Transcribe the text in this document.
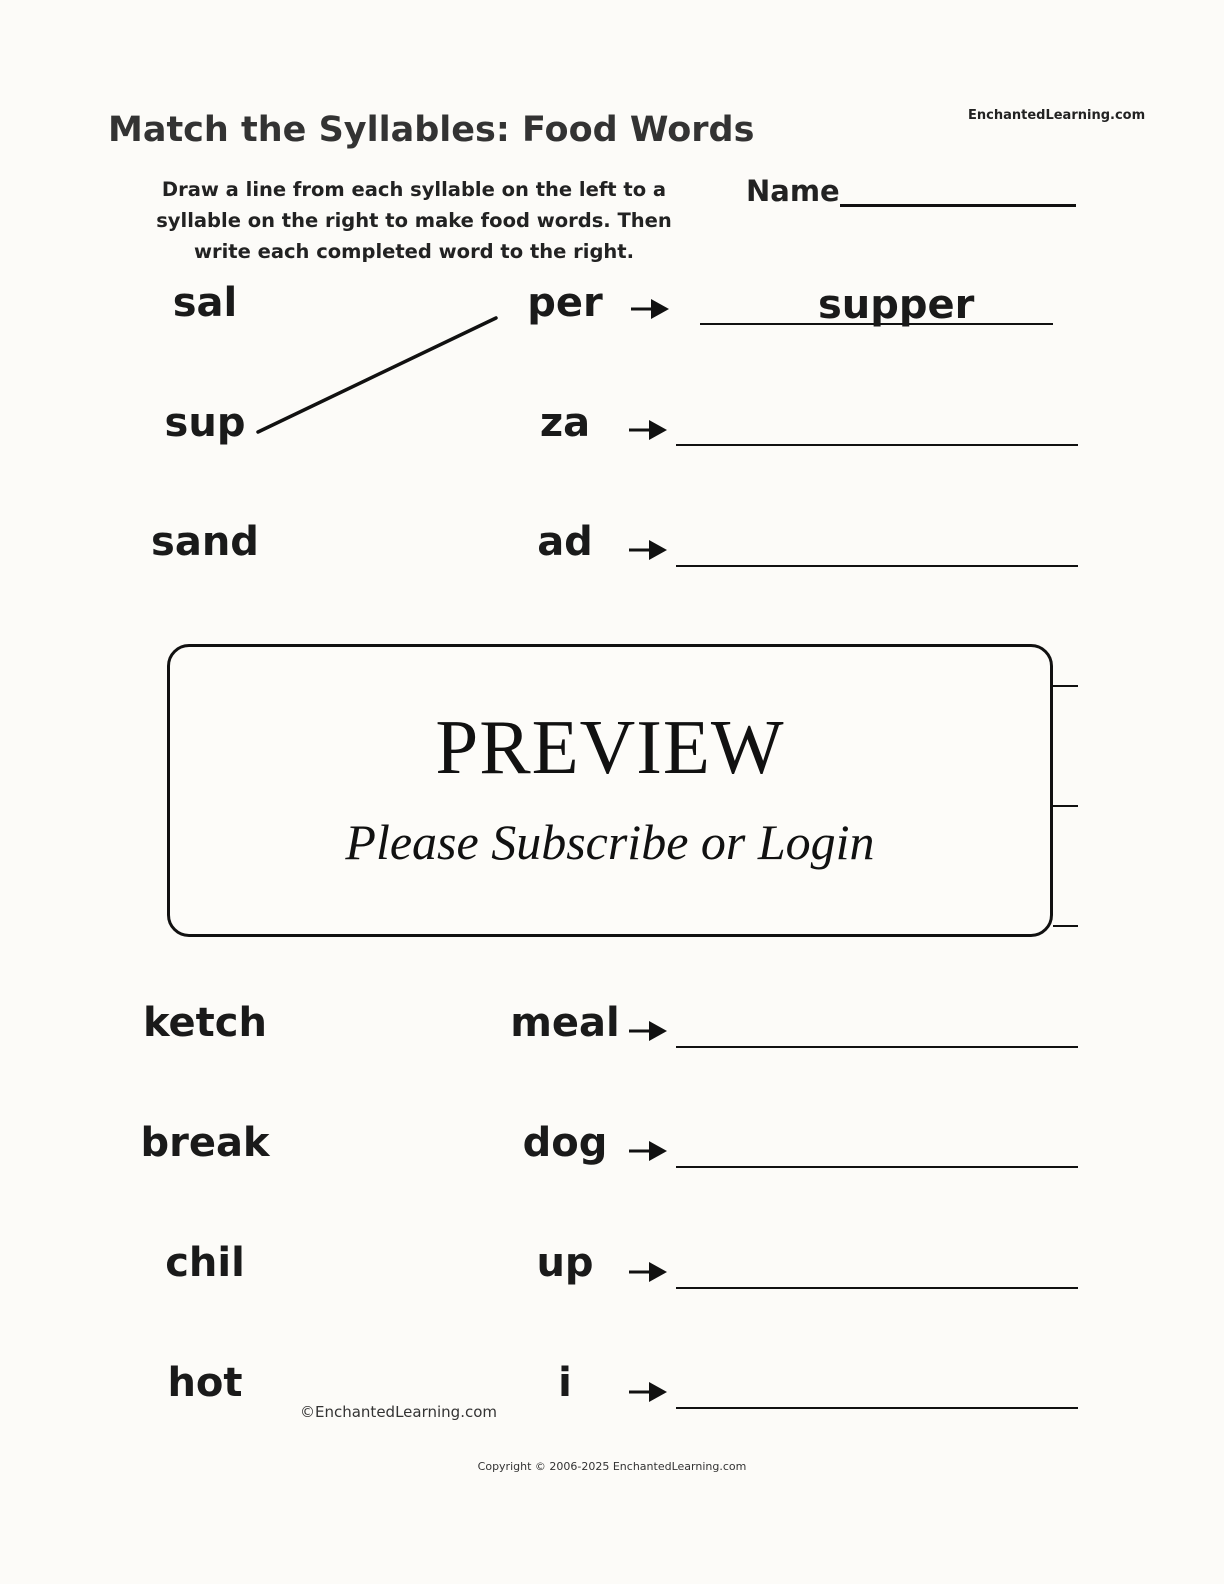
EnchantedLearning.com
Match the Syllables: Food Words
Draw a line from each syllable on the left to a syllable on the right to make food words. Then write each completed word to the right.
Name
sal	per	supper
sup	za
sand	ad
PREVIEW
Please Subscribe or Login
ketch	meal
break	dog
chil	up
hot	i
©EnchantedLearning.com
Copyright © 2006-2025 EnchantedLearning.com
